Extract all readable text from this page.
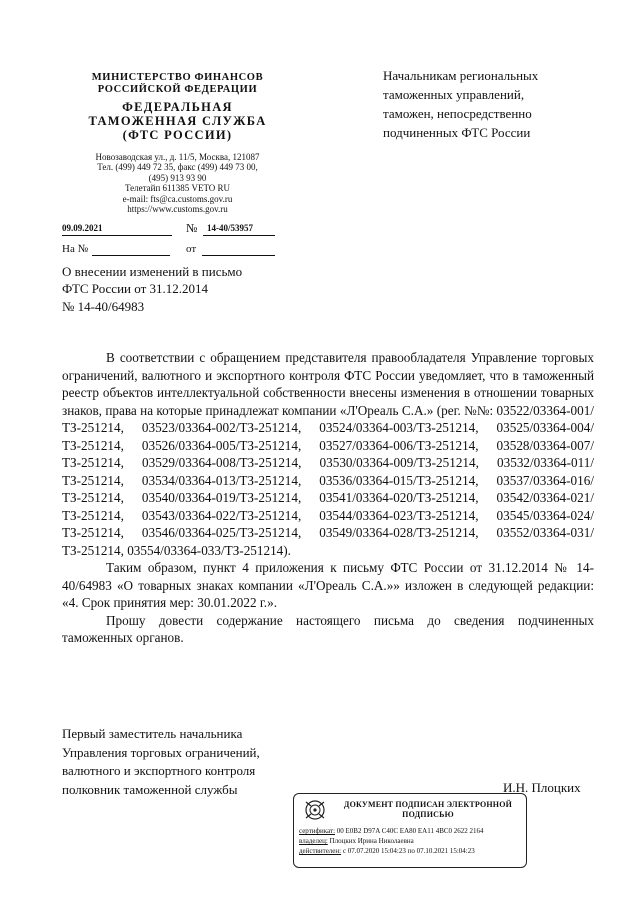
МИНИСТЕРСТВО ФИНАНСОВ
РОССИЙСКОЙ ФЕДЕРАЦИИ
ФЕДЕРАЛЬНАЯ
ТАМОЖЕННАЯ СЛУЖБА
(ФТС РОССИИ)
Новозаводская ул., д. 11/5, Москва, 121087
Тел. (499) 449 72 35, факс (499) 449 73 00,
(495) 913 93 90
Телетайп 611385 VETO RU
e-mail: fts@ca.customs.gov.ru
https://www.customs.gov.ru
Начальникам региональных
таможенных управлений,
таможен, непосредственно
подчиненных ФТС России
09.09.2021	№ 14-40/53957
На №	от
О внесении изменений в письмо
ФТС России от 31.12.2014
№ 14-40/64983

В соответствии с обращением представителя правообладателя Управление торговых ограничений, валютного и экспортного контроля ФТС России уведомляет, что в таможенный реестр объектов интеллектуальной собственности внесены изменения в отношении товарных знаков, права на которые принадлежат компании «Л'Ореаль С.А.» (рег. №№: 03522/03364-001/ТЗ-251214, 03523/03364-002/ТЗ-251214, 03524/03364-003/ТЗ-251214, 03525/03364-004/ТЗ-251214, 03526/03364-005/ТЗ-251214, 03527/03364-006/ТЗ-251214, 03528/03364-007/ТЗ-251214, 03529/03364-008/ТЗ-251214, 03530/03364-009/ТЗ-251214, 03532/03364-011/ТЗ-251214, 03534/03364-013/ТЗ-251214, 03536/03364-015/ТЗ-251214, 03537/03364-016/ТЗ-251214, 03540/03364-019/ТЗ-251214, 03541/03364-020/ТЗ-251214, 03542/03364-021/ТЗ-251214, 03543/03364-022/ТЗ-251214, 03544/03364-023/ТЗ-251214, 03545/03364-024/ТЗ-251214, 03546/03364-025/ТЗ-251214, 03549/03364-028/ТЗ-251214, 03552/03364-031/ТЗ-251214, 03554/03364-033/ТЗ-251214).

Таким образом, пункт 4 приложения к письму ФТС России от 31.12.2014 № 14-40/64983 «О товарных знаках компании «Л'Ореаль С.А.»» изложен в следующей редакции: «4. Срок принятия мер: 30.01.2022 г.».

Прошу довести содержание настоящего письма до сведения подчиненных таможенных органов.

Первый заместитель начальника
Управления торговых ограничений,
валютного и экспортного контроля
полковник таможенной службы	И.Н. Плоцких
ДОКУМЕНТ ПОДПИСАН ЭЛЕКТРОННОЙ ПОДПИСЬЮ
сертификат: 00 E0B2 D97A C40C EA80 EA11 4BC0 2622 2164
владелец: Плоцких Ирина Николаевна
действителен: с 07.07.2020 15:04:23 по 07.10.2021 15:04:23
